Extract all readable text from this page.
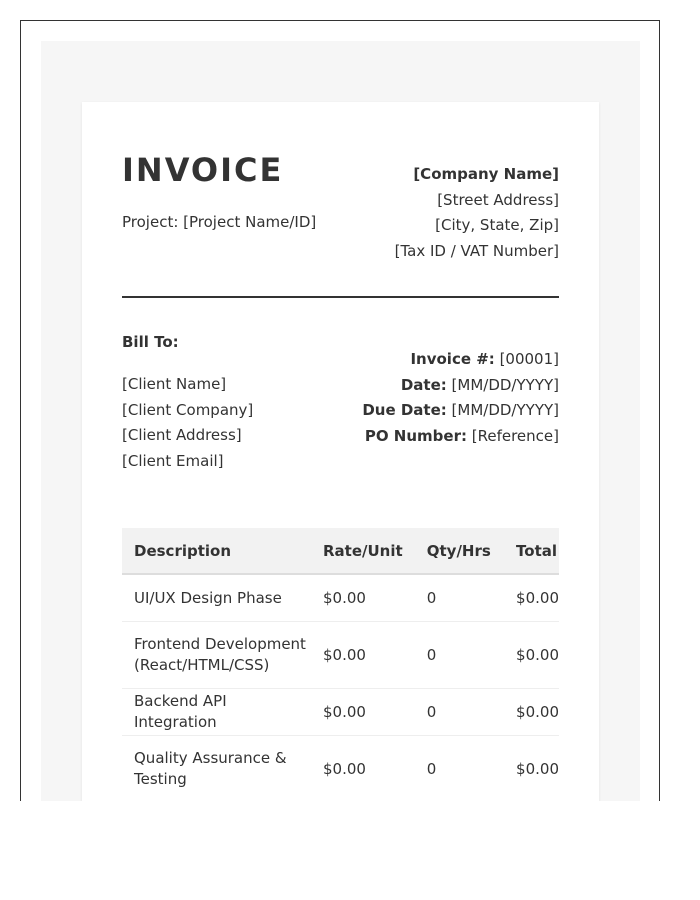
INVOICE
Project: [Project Name/ID]
[Company Name]
[Street Address]
[City, State, Zip]
[Tax ID / VAT Number]
Bill To:
[Client Name]
[Client Company]
[Client Address]
[Client Email]
Invoice #: [00001]
Date: [MM/DD/YYYY]
Due Date: [MM/DD/YYYY]
PO Number: [Reference]
Description	Rate/Unit	Qty/Hrs	Total
UI/UX Design Phase	$0.00	0	$0.00
Frontend Development (React/HTML/CSS)	$0.00	0	$0.00
Backend API Integration	$0.00	0	$0.00
Quality Assurance & Testing	$0.00	0	$0.00
